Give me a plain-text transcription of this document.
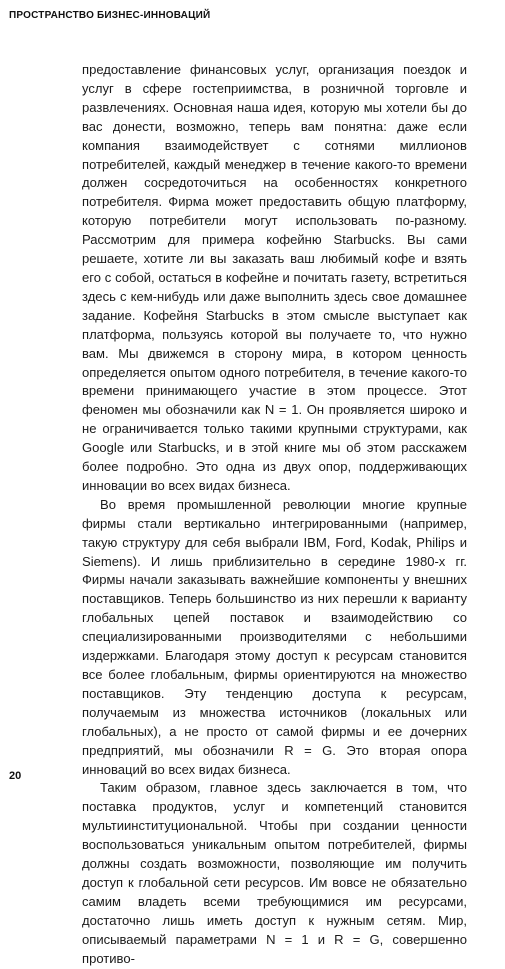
ПРОСТРАНСТВО БИЗНЕС-ИННОВАЦИЙ

предоставление финансовых услуг, организация поездок и услуг в сфере гостеприимства, в розничной торговле и развлечениях. Основная наша идея, которую мы хотели бы до вас донести, возможно, теперь вам понятна: даже если компания взаимодействует с сотнями миллионов потребителей, каждый менеджер в течение какого-то времени должен сосредоточиться на особенностях конкретного потребителя. Фирма может предоставить общую платформу, которую потребители могут использовать по-разному. Рассмотрим для примера кофейню Starbucks. Вы сами решаете, хотите ли вы заказать ваш любимый кофе и взять его с собой, остаться в кофейне и почитать газету, встретиться здесь с кем-нибудь или даже выполнить здесь свое домашнее задание. Кофейня Starbucks в этом смысле выступает как платформа, пользуясь которой вы получаете то, что нужно вам. Мы движемся в сторону мира, в котором ценность определяется опытом одного потребителя, в течение какого-то времени принимающего участие в этом процессе. Этот феномен мы обозначили как N = 1. Он проявляется широко и не ограничивается только такими крупными структурами, как Google или Starbucks, и в этой книге мы об этом расскажем более подробно. Это одна из двух опор, поддерживающих инновации во всех видах бизнеса.

Во время промышленной революции многие крупные фирмы стали вертикально интегрированными (например, такую структуру для себя выбрали IBM, Ford, Kodak, Philips и Siemens). И лишь приблизительно в середине 1980-х гг. Фирмы начали заказывать важнейшие компоненты у внешних поставщиков. Теперь большинство из них перешли к варианту глобальных цепей поставок и взаимодействию со специализированными производителями с небольшими издержками. Благодаря этому доступ к ресурсам становится все более глобальным, фирмы ориентируются на множество поставщиков. Эту тенденцию доступа к ресурсам, получаемым из множества источников (локальных или глобальных), а не просто от самой фирмы и ее дочерних предприятий, мы обозначили R = G. Это вторая опора инноваций во всех видах бизнеса.

Таким образом, главное здесь заключается в том, что поставка продуктов, услуг и компетенций становится мультиинституциональной. Чтобы при создании ценности воспользоваться уникальным опытом потребителей, фирмы должны создать возможности, позволяющие им получить доступ к глобальной сети ресурсов. Им вовсе не обязательно самим владеть всеми требующимися им ресурсами, достаточно лишь иметь доступ к нужным сетям. Мир, описываемый параметрами N = 1 и R = G, совершенно противо-

20
